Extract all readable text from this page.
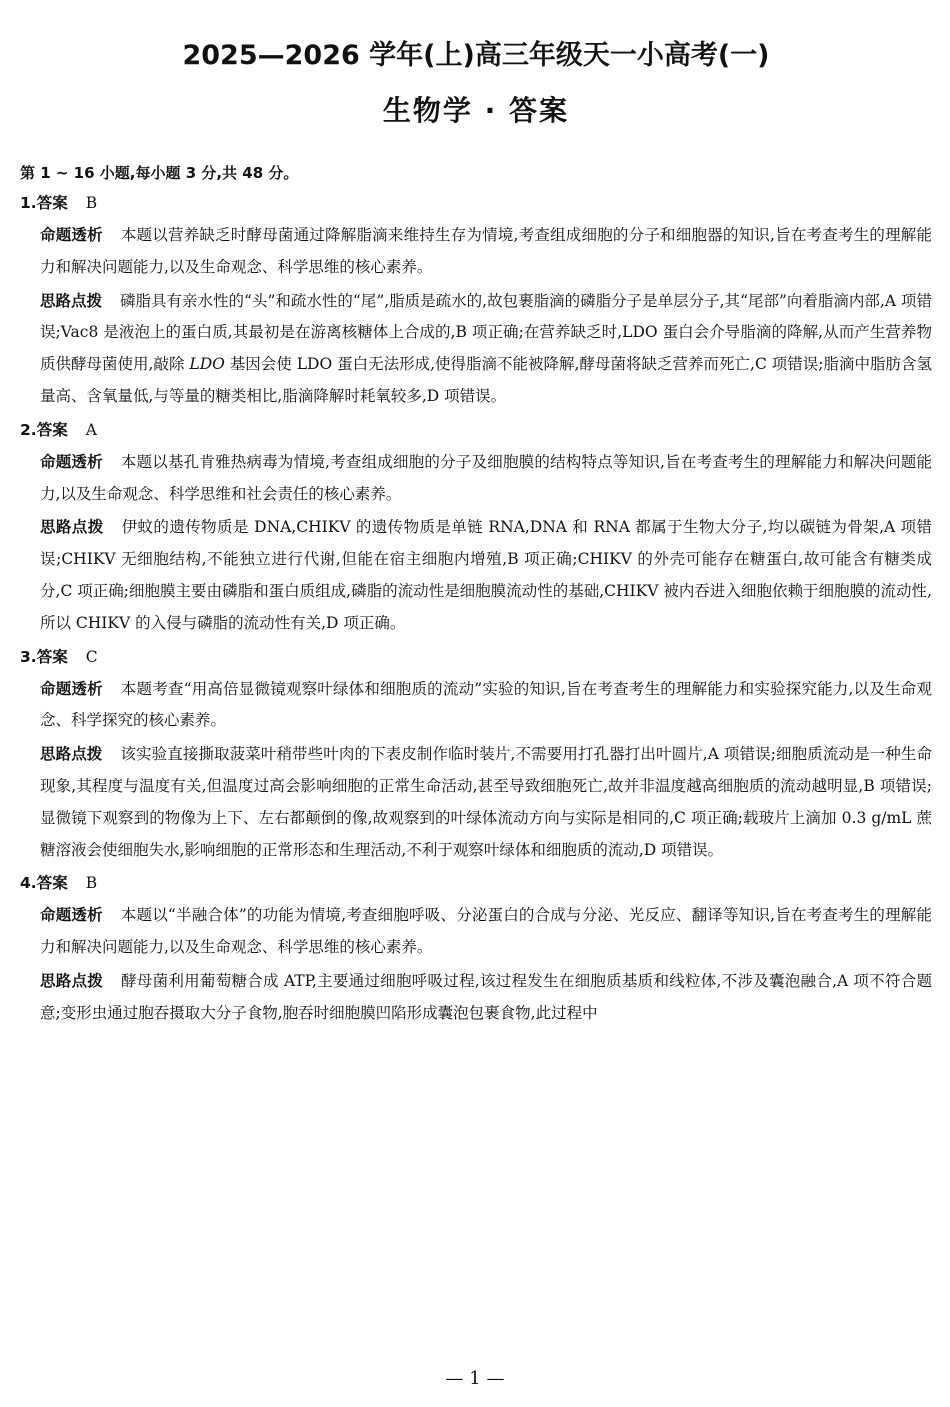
2025—2026 学年(上)高三年级天一小高考(一)
生物学 · 答案
第 1 ~ 16 小题,每小题 3 分,共 48 分。
1.答案 B

命题透析 本题以营养缺乏时酵母菌通过降解脂滴来维持生存为情境,考查组成细胞的分子和细胞器的知识,旨在考查考生的理解能力和解决问题能力,以及生命观念、科学思维的核心素养。

思路点拨 磷脂具有亲水性的“头”和疏水性的“尾”,脂质是疏水的,故包裹脂滴的磷脂分子是单层分子,其“尾部”向着脂滴内部,A 项错误;Vac8 是液泡上的蛋白质,其最初是在游离核糖体上合成的,B 项正确;在营养缺乏时,LDO 蛋白会介导脂滴的降解,从而产生营养物质供酵母菌使用,敲除 LDO 基因会使 LDO 蛋白无法形成,使得脂滴不能被降解,酵母菌将缺乏营养而死亡,C 项错误;脂滴中脂肪含氢量高、含氧量低,与等量的糖类相比,脂滴降解时耗氧较多,D 项错误。

2.答案 A

命题透析 本题以基孔肯雅热病毒为情境,考查组成细胞的分子及细胞膜的结构特点等知识,旨在考查考生的理解能力和解决问题能力,以及生命观念、科学思维和社会责任的核心素养。

思路点拨 伊蚊的遗传物质是 DNA,CHIKV 的遗传物质是单链 RNA,DNA 和 RNA 都属于生物大分子,均以碳链为骨架,A 项错误;CHIKV 无细胞结构,不能独立进行代谢,但能在宿主细胞内增殖,B 项正确;CHIKV 的外壳可能存在糖蛋白,故可能含有糖类成分,C 项正确;细胞膜主要由磷脂和蛋白质组成,磷脂的流动性是细胞膜流动性的基础,CHIKV 被内吞进入细胞依赖于细胞膜的流动性,所以 CHIKV 的入侵与磷脂的流动性有关,D 项正确。

3.答案 C

命题透析 本题考查“用高倍显微镜观察叶绿体和细胞质的流动”实验的知识,旨在考查考生的理解能力和实验探究能力,以及生命观念、科学探究的核心素养。

思路点拨 该实验直接撕取菠菜叶稍带些叶肉的下表皮制作临时装片,不需要用打孔器打出叶圆片,A 项错误;细胞质流动是一种生命现象,其程度与温度有关,但温度过高会影响细胞的正常生命活动,甚至导致细胞死亡,故并非温度越高细胞质的流动越明显,B 项错误;显微镜下观察到的物像为上下、左右都颠倒的像,故观察到的叶绿体流动方向与实际是相同的,C 项正确;载玻片上滴加 0.3 g/mL 蔗糖溶液会使细胞失水,影响细胞的正常形态和生理活动,不利于观察叶绿体和细胞质的流动,D 项错误。

4.答案 B

命题透析 本题以“半融合体”的功能为情境,考查细胞呼吸、分泌蛋白的合成与分泌、光反应、翻译等知识,旨在考查考生的理解能力和解决问题能力,以及生命观念、科学思维的核心素养。

思路点拨 酵母菌利用葡萄糖合成 ATP,主要通过细胞呼吸过程,该过程发生在细胞质基质和线粒体,不涉及囊泡融合,A 项不符合题意;变形虫通过胞吞摄取大分子食物,胞吞时细胞膜凹陷形成囊泡包裹食物,此过程中

— 1 —
